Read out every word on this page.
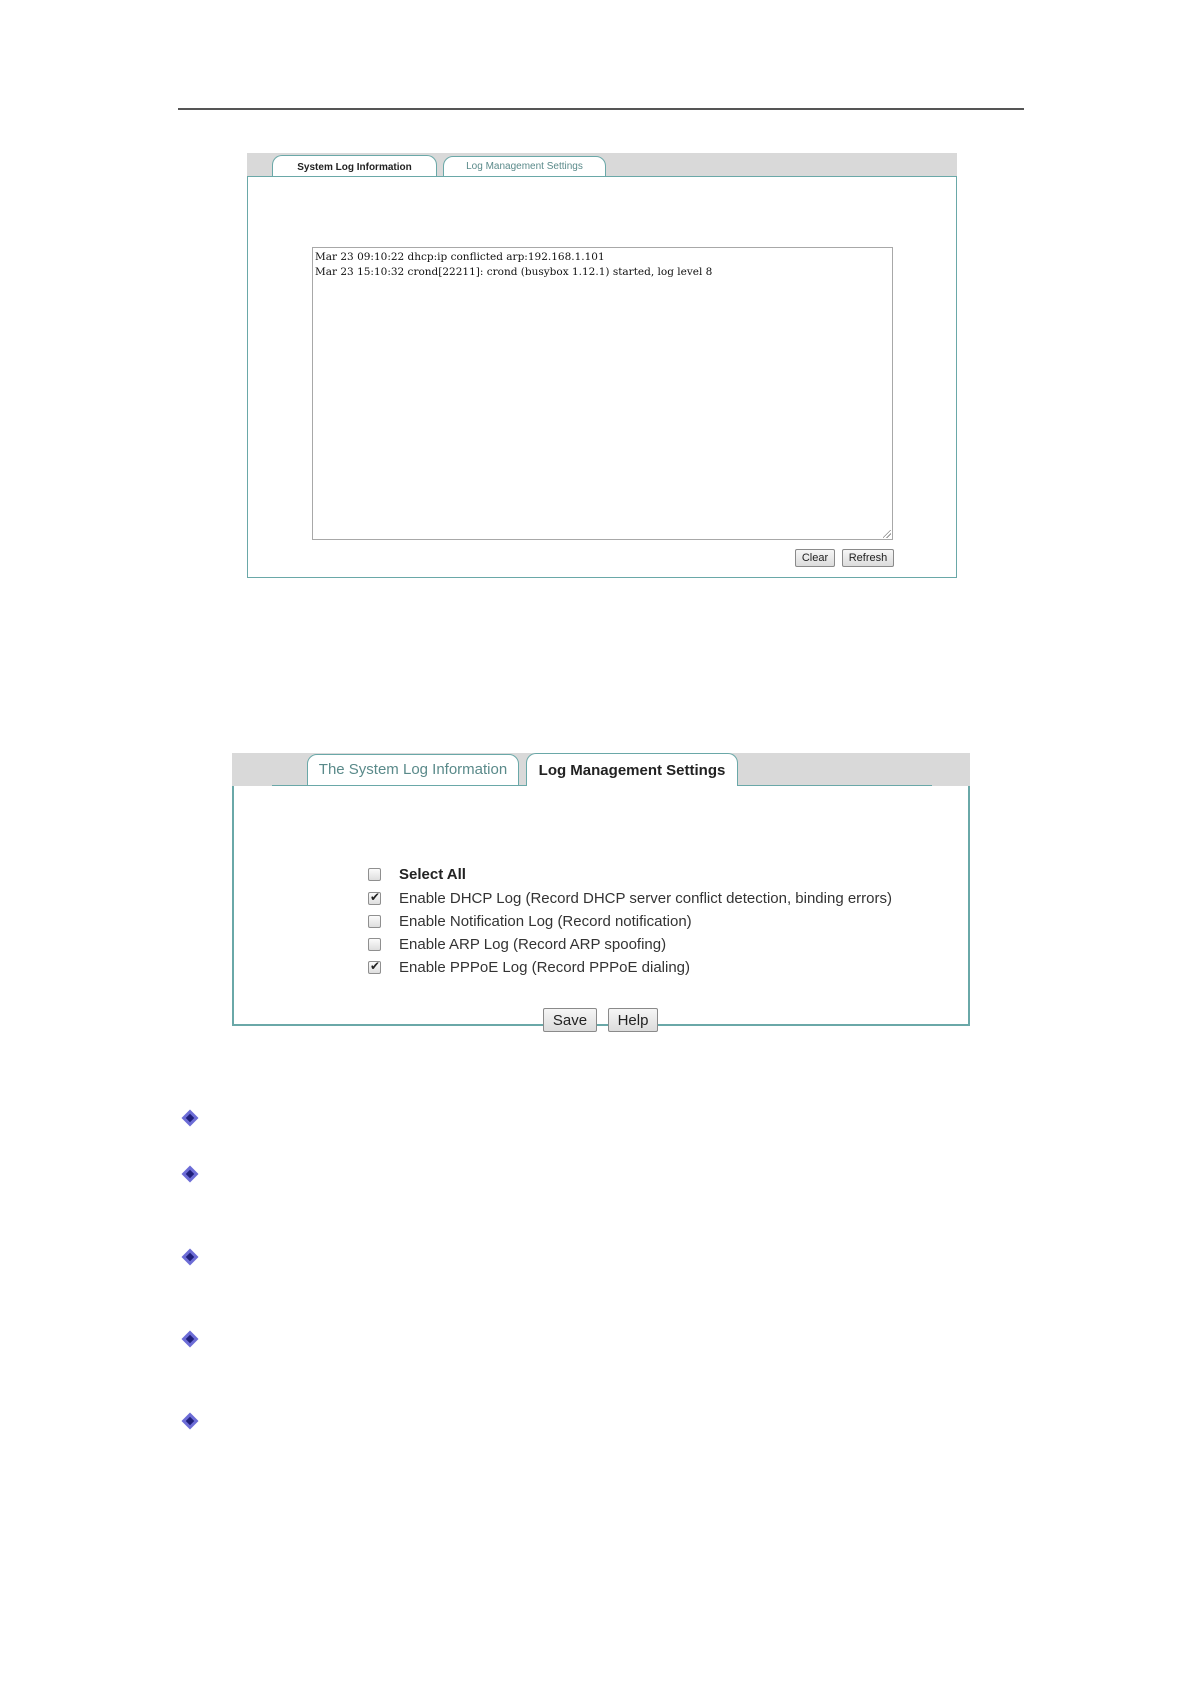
System Log Information	Log Management Settings
Mar 23 09:10:22 dhcp:ip conflicted arp:192.168.1.101
Mar 23 15:10:32 crond[22211]: crond (busybox 1.12.1) started, log level 8
Clear	Refresh
The System Log Information	Log Management Settings
Select All
✔ Enable DHCP Log (Record DHCP server conflict detection, binding errors)
Enable Notification Log (Record notification)
Enable ARP Log (Record ARP spoofing)
✔ Enable PPPoE Log (Record PPPoE dialing)
Save	Help
